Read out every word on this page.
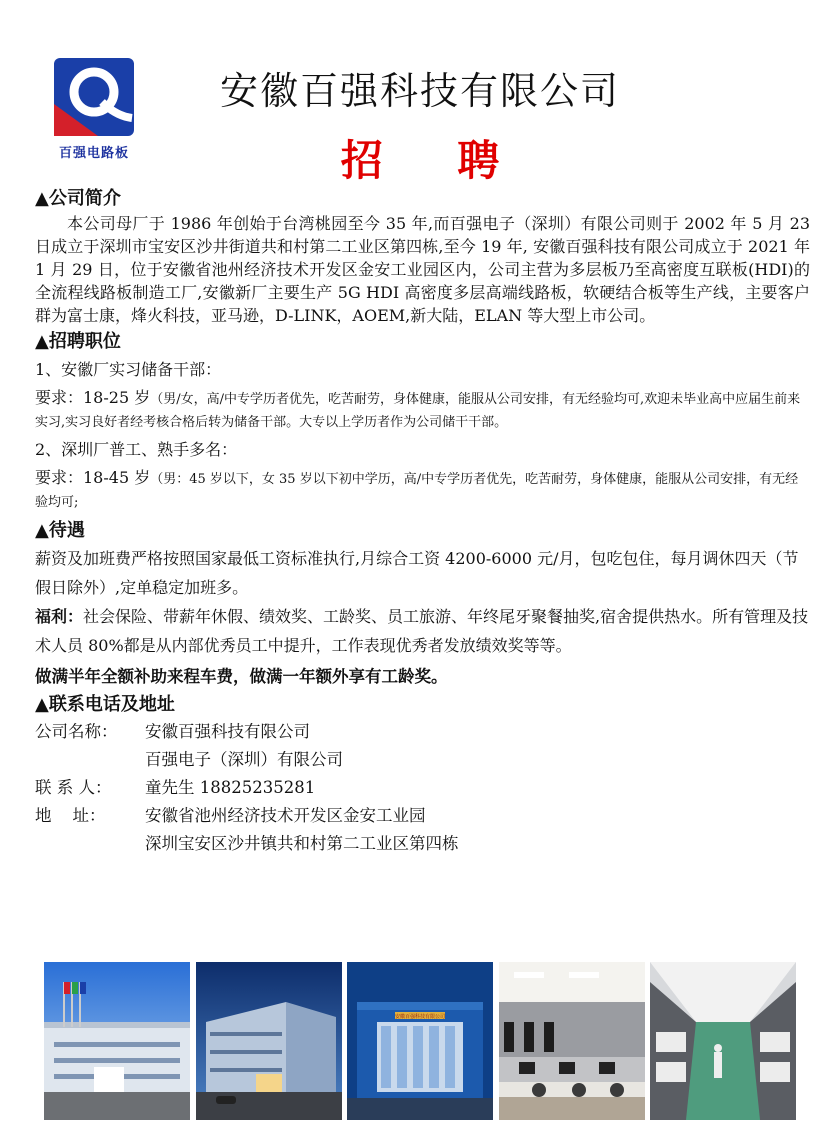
百强电路板
安徽百强科技有限公司
招 聘
▲公司简介

本公司母厂于 1986 年创始于台湾桃园至今 35 年,而百强电子（深圳）有限公司则于 2002 年 5 月 23 日成立于深圳市宝安区沙井街道共和村第二工业区第四栋,至今 19 年, 安徽百强科技有限公司成立于 2021 年 1 月 29 日，位于安徽省池州经济技术开发区金安工业园区内，公司主营为多层板乃至高密度互联板(HDI)的全流程线路板制造工厂,安徽新厂主要生产 5G HDI 高密度多层高端线路板，软硬结合板等生产线，主要客户群为富士康，烽火科技，亚马逊，D-LINK，AOEM,新大陆，ELAN 等大型上市公司。

▲招聘职位
1、安徽厂实习储备干部：

要求：18-25 岁（男/女，高/中专学历者优先，吃苦耐劳，身体健康，能服从公司安排，有无经验均可,欢迎未毕业高中应届生前来实习,实习良好者经考核合格后转为储备干部。大专以上学历者作为公司储干干部。

2、深圳厂普工、熟手多名：

要求：18-45 岁（男：45 岁以下，女 35 岁以下初中学历，高/中专学历者优先，吃苦耐劳，身体健康，能服从公司安排，有无经验均可;

▲待遇

薪资及加班费严格按照国家最低工资标准执行,月综合工资 4200-6000 元/月，包吃包住，每月调休四天（节假日除外）,定单稳定加班多。

福利：社会保险、带薪年休假、绩效奖、工龄奖、员工旅游、年终尾牙聚餐抽奖,宿舍提供热水。所有管理及技术人员 80%都是从内部优秀员工中提升，工作表现优秀者发放绩效奖等等。

做满半年全额补助来程车费，做满一年额外享有工龄奖。
▲联系电话及地址
公司名称：	安徽百强科技有限公司
百强电子（深圳）有限公司
联 系 人：	童先生 18825235281
地    址：	安徽省池州经济技术开发区金安工业园
深圳宝安区沙井镇共和村第二工业区第四栋
安徽百强科技有限公司
